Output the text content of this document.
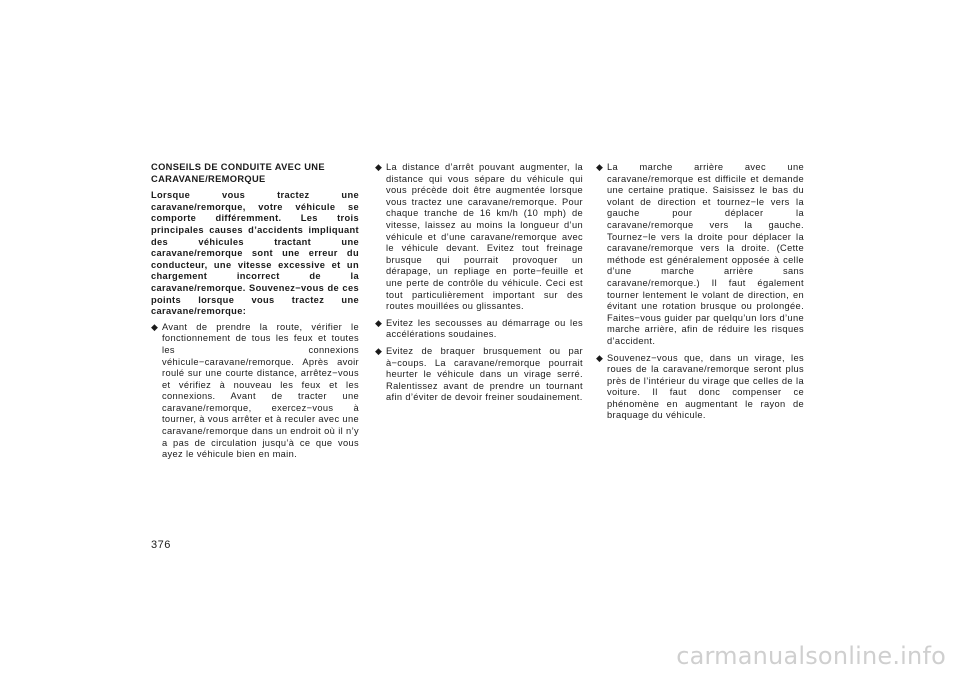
CONSEILS DE CONDUITE AVEC UNE CARAVANE/REMORQUE
Lorsque vous tractez une caravane/remorque, votre véhicule se comporte différemment. Les trois principales causes d’accidents impliquant des véhicules tractant une caravane/remorque sont une erreur du conducteur, une vitesse excessive et un chargement incorrect de la caravane/remorque. Souvenez−vous de ces points lorsque vous tractez une caravane/remorque:
◆ Avant de prendre la route, vérifier le fonctionnement de tous les feux et toutes les connexions véhicule−caravane/remorque. Après avoir roulé sur une courte distance, arrêtez−vous et vérifiez à nouveau les feux et les connexions. Avant de tracter une caravane/remorque, exercez−vous à tourner, à vous arrêter et à reculer avec une caravane/remorque dans un endroit où il n’y a pas de circulation jusqu’à ce que vous ayez le véhicule bien en main.
◆ La distance d’arrêt pouvant augmenter, la distance qui vous sépare du véhicule qui vous précède doit être augmentée lorsque vous tractez une caravane/remorque. Pour chaque tranche de 16 km/h (10 mph) de vitesse, laissez au moins la longueur d’un véhicule et d’une caravane/remorque avec le véhicule devant. Evitez tout freinage brusque qui pourrait provoquer un dérapage, un repliage en porte−feuille et une perte de contrôle du véhicule. Ceci est tout particulièrement important sur des routes mouillées ou glissantes.
◆ Evitez les secousses au démarrage ou les accélérations soudaines.
◆ Evitez de braquer brusquement ou par à−coups. La caravane/remorque pourrait heurter le véhicule dans un virage serré. Ralentissez avant de prendre un tournant afin d’éviter de devoir freiner soudainement.
◆ La marche arrière avec une caravane/remorque est difficile et demande une certaine pratique. Saisissez le bas du volant de direction et tournez−le vers la gauche pour déplacer la caravane/remorque vers la gauche. Tournez−le vers la droite pour déplacer la caravane/remorque vers la droite. (Cette méthode est généralement opposée à celle d’une marche arrière sans caravane/remorque.) Il faut également tourner lentement le volant de direction, en évitant une rotation brusque ou prolongée. Faites−vous guider par quelqu’un lors d’une marche arrière, afin de réduire les risques d’accident.
◆ Souvenez−vous que, dans un virage, les roues de la caravane/remorque seront plus près de l’intérieur du virage que celles de la voiture. Il faut donc compenser ce phénomène en augmentant le rayon de braquage du véhicule.
376
carmanualsonline.info
